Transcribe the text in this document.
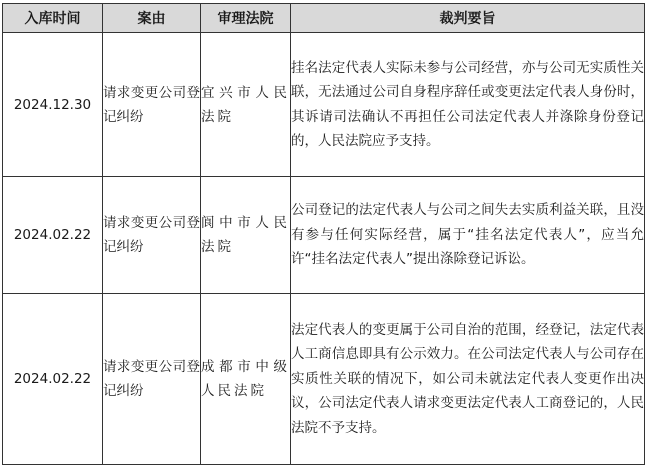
入库时间	案由	审理法院	裁判要旨
2024.12.30	请求变更公司登记纠纷	宜兴市人民法院	挂名法定代表人实际未参与公司经营，亦与公司无实质性关联，无法通过公司自身程序辞任或变更法定代表人身份时，其诉请司法确认不再担任公司法定代表人并涤除身份登记的，人民法院应予支持。
2024.02.22	请求变更公司登记纠纷	阆中市人民法院	公司登记的法定代表人与公司之间失去实质利益关联，且没有参与任何实际经营，属于“挂名法定代表人”，应当允许“挂名法定代表人”提出涤除登记诉讼。
2024.02.22	请求变更公司登记纠纷	成都市中级人民法院	法定代表人的变更属于公司自治的范围，经登记，法定代表人工商信息即具有公示效力。在公司法定代表人与公司存在实质性关联的情况下，如公司未就法定代表人变更作出决议，公司法定代表人请求变更法定代表人工商登记的，人民法院不予支持。
